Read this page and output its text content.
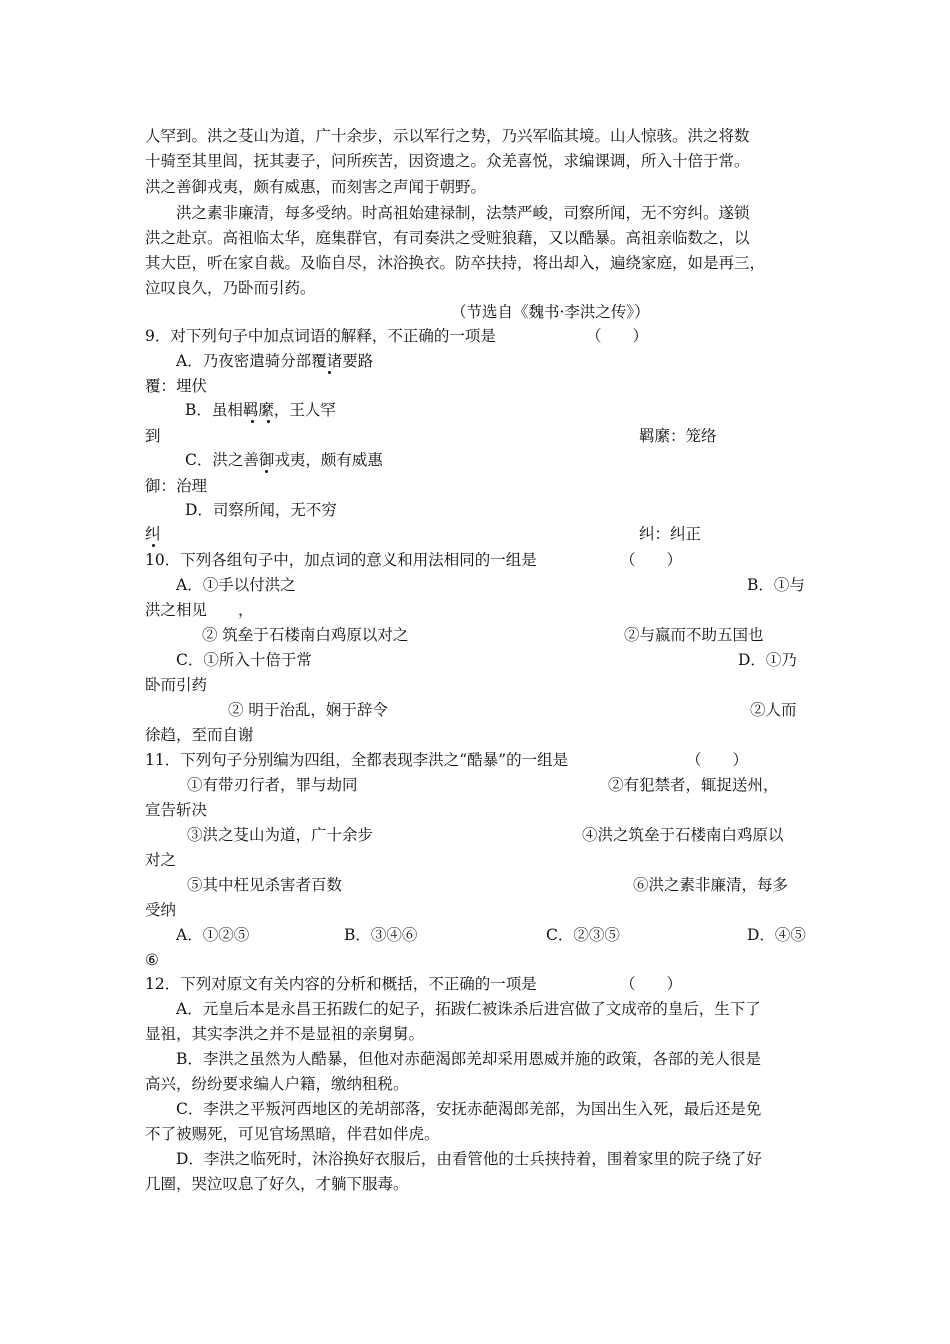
人罕到。洪之芟山为道，广十余步，示以军行之势，乃兴军临其境。山人惊骇。洪之将数
十骑至其里闾，抚其妻子，问所疾苦，因资遗之。众羌喜悦，求编课调，所入十倍于常。
洪之善御戎夷，颇有威惠，而刻害之声闻于朝野。
洪之素非廉清，每多受纳。时高祖始建禄制，法禁严峻，司察所闻，无不穷纠。遂锁
洪之赴京。高祖临太华，庭集群官，有司奏洪之受赃狼藉，又以酷暴。高祖亲临数之，以
其大臣，听在家自裁。及临自尽，沐浴换衣。防卒扶持，将出却入，遍绕家庭，如是再三，
泣叹良久，乃卧而引药。
（节选自《魏书·李洪之传》）
9．对下列句子中加点词语的解释，不正确的一项是	（　　）
A．乃夜密遣骑分部覆诸要路
覆：埋伏
B．虽相羁縻，王人罕
到	羁縻：笼络
C．洪之善御戎夷，颇有威惠
御：治理
D．司察所闻，无不穷
纠	纠：纠正
10．下列各组句子中，加点词的意义和用法相同的一组是	（　　）
A．①手以付洪之	B．①与
洪之相见　　，
② 筑垒于石楼南白鸡原以对之	②与嬴而不助五国也
C．①所入十倍于常	D．①乃
卧而引药
② 明于治乱，娴于辞令	②人而
徐趋，至而自谢
11．下列句子分别编为四组，全都表现李洪之“酷暴”的一组是	（　　）
①有带刃行者，罪与劫同	②有犯禁者，辄捉送州，
宣告斩决
③洪之芟山为道，广十余步	④洪之筑垒于石楼南白鸡原以
对之
⑤其中枉见杀害者百数	⑥洪之素非廉清，每多
受纳
A．①②⑤	B．③④⑥	C．②③⑤	D．④⑤
⑥
12．下列对原文有关内容的分析和概括，不正确的一项是	（　　）
A．元皇后本是永昌王拓跋仁的妃子，拓跋仁被诛杀后进宫做了文成帝的皇后，生下了
显祖，其实李洪之并不是显祖的亲舅舅。
B．李洪之虽然为人酷暴，但他对赤葩渴郎羌却采用恩威并施的政策，各部的羌人很是
高兴，纷纷要求编人户籍，缴纳租税。
C．李洪之平叛河西地区的羌胡部落，安抚赤葩渴郎羌部，为国出生入死，最后还是免
不了被赐死，可见官场黑暗，伴君如伴虎。
D．李洪之临死时，沐浴换好衣服后，由看管他的士兵挟持着，围着家里的院子绕了好
几圈，哭泣叹息了好久，才躺下服毒。
